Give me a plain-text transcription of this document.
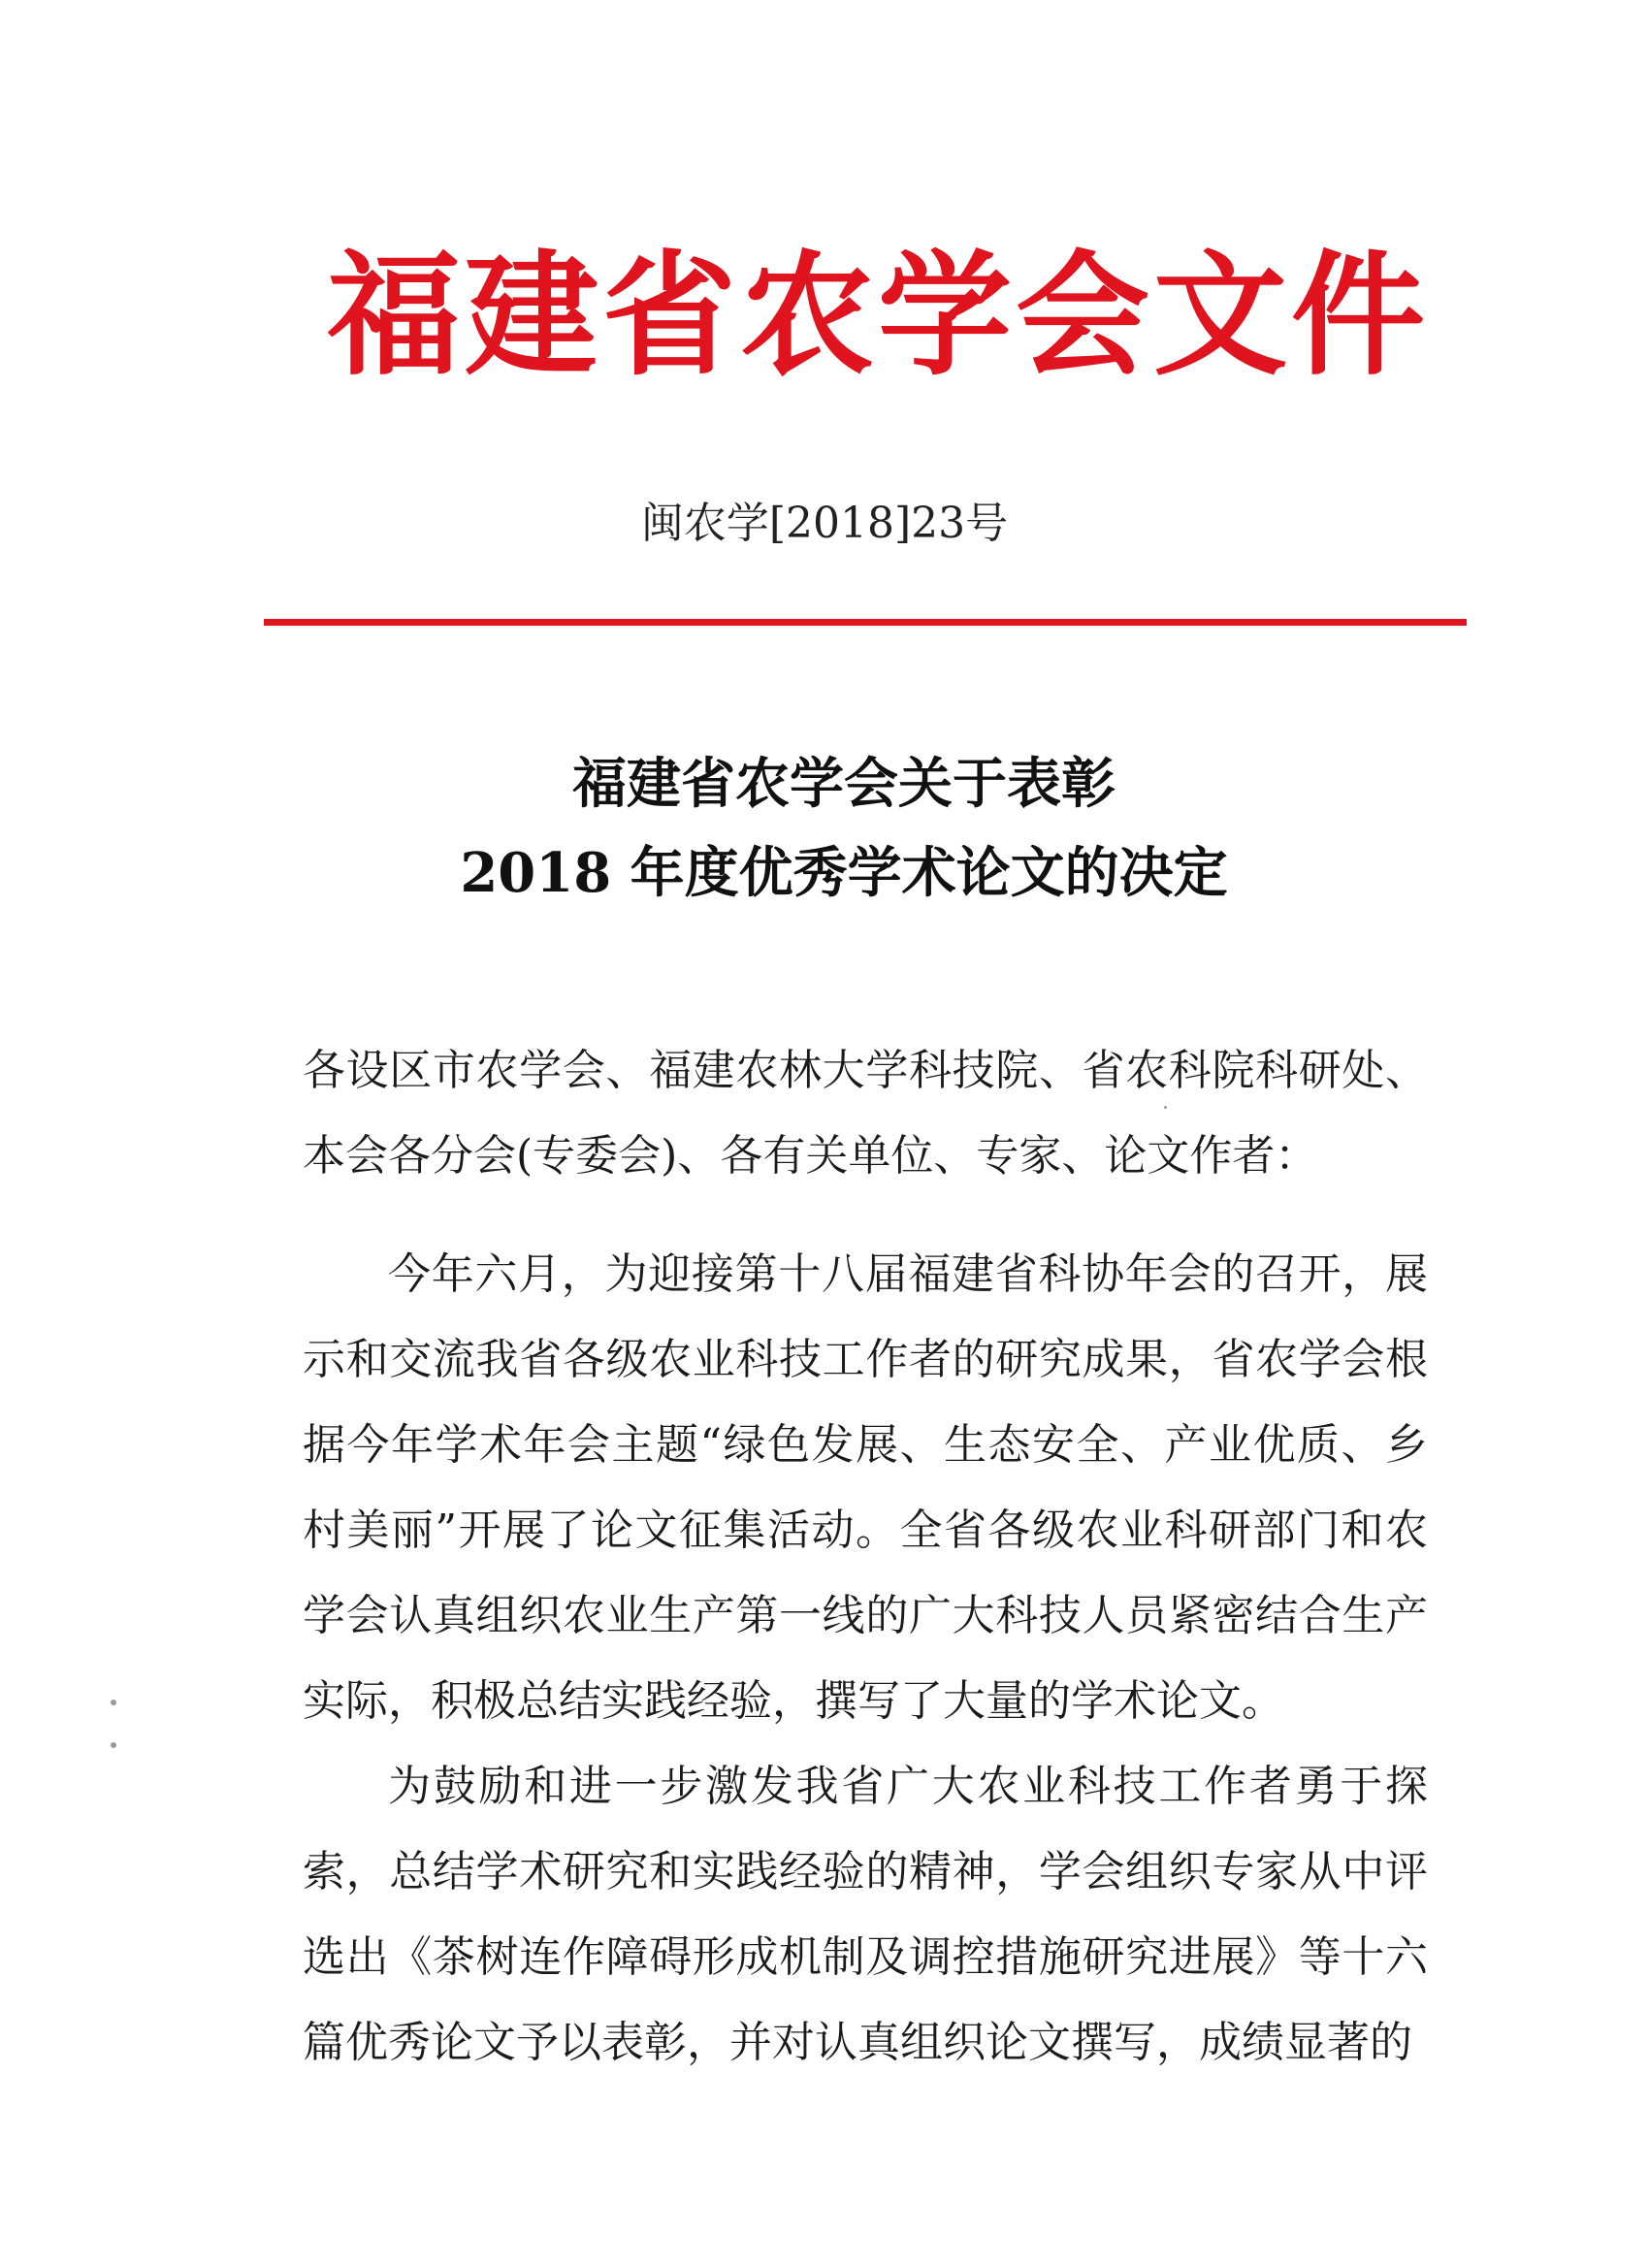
福建省农学会文件
闽农学[2018]23号
福建省农学会关于表彰
2018 年度优秀学术论文的决定

各设区市农学会、福建农林大学科技院、省农科院科研处、本会各分会(专委会)、各有关单位、专家、论文作者：

今年六月，为迎接第十八届福建省科协年会的召开，展示和交流我省各级农业科技工作者的研究成果，省农学会根据今年学术年会主题“绿色发展、生态安全、产业优质、乡村美丽”开展了论文征集活动。全省各级农业科研部门和农学会认真组织农业生产第一线的广大科技人员紧密结合生产实际，积极总结实践经验，撰写了大量的学术论文。

为鼓励和进一步激发我省广大农业科技工作者勇于探索，总结学术研究和实践经验的精神，学会组织专家从中评选出《茶树连作障碍形成机制及调控措施研究进展》等十六篇优秀论文予以表彰，并对认真组织论文撰写，成绩显著的
